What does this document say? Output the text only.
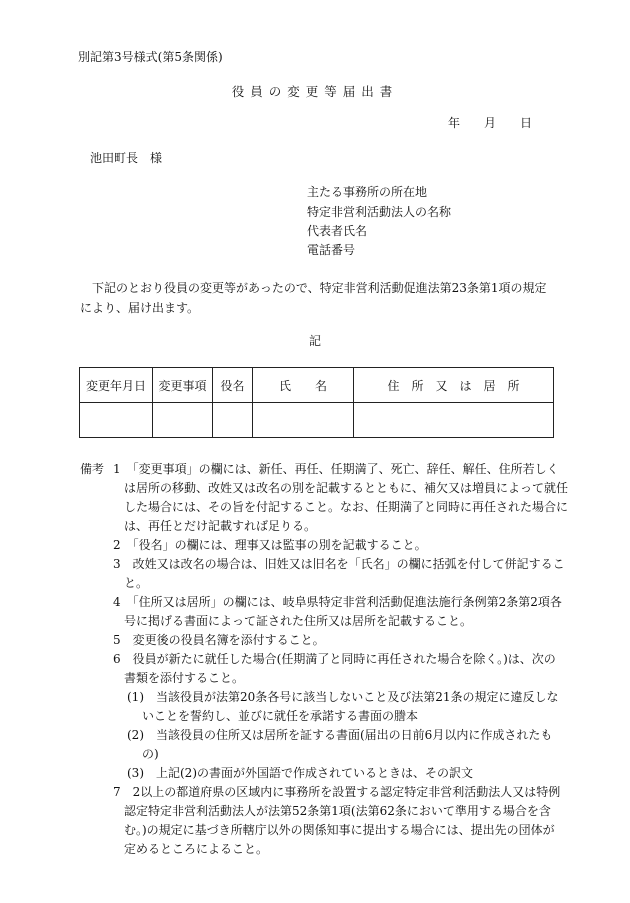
別記第3号様式(第5条関係)
役員の変更等届出書
年 月 日
池田町長　様
主たる事務所の所在地
特定非営利活動法人の名称
代表者氏名
電話番号
下記のとおり役員の変更等があったので、特定非営利活動促進法第23条第1項の規定により、届け出ます。
記
変更年月日	変更事項	役名	氏　　名	住　所　又　は　居　所

備考 1　「変更事項」の欄には、新任、再任、任期満了、死亡、辞任、解任、住所若しく
は居所の移動、改姓又は改名の別を記載するとともに、補欠又は増員によって就任
した場合には、その旨を付記すること。なお、任期満了と同時に再任された場合に
は、再任とだけ記載すれば足りる。
2　「役名」の欄には、理事又は監事の別を記載すること。
3　改姓又は改名の場合は、旧姓又は旧名を「氏名」の欄に括弧を付して併記するこ
と。
4　「住所又は居所」の欄には、岐阜県特定非営利活動促進法施行条例第2条第2項各
号に掲げる書面によって証された住所又は居所を記載すること。
5　変更後の役員名簿を添付すること。
6　役員が新たに就任した場合(任期満了と同時に再任された場合を除く。)は、次の
書類を添付すること。
(1)　当該役員が法第20条各号に該当しないこと及び法第21条の規定に違反しな
いことを誓約し、並びに就任を承諾する書面の謄本
(2)　当該役員の住所又は居所を証する書面(届出の日前6月以内に作成されたも
の)
(3)　上記(2)の書面が外国語で作成されているときは、その訳文
7　2以上の都道府県の区域内に事務所を設置する認定特定非営利活動法人又は特例
認定特定非営利活動法人が法第52条第1項(法第62条において準用する場合を含
む。)の規定に基づき所轄庁以外の関係知事に提出する場合には、提出先の団体が
定めるところによること。
